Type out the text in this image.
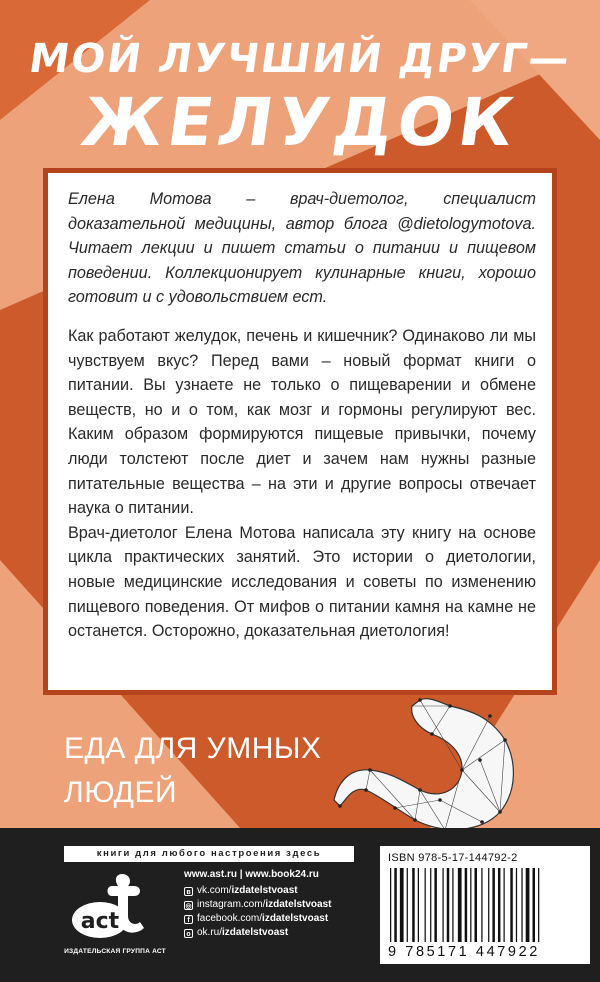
МОЙ ЛУЧШИЙ ДРУГ—
ЖЕЛУДОК

Елена Мотова – врач-диетолог, специалист доказательной медицины, автор блога @dietologymotova. Читает лекции и пишет статьи о питании и пищевом поведении. Коллекционирует кулинарные книги, хорошо готовит и с удовольствием ест.

Как работают желудок, печень и кишечник? Одинаково ли мы чувствуем вкус? Перед вами – новый формат книги о питании. Вы узнаете не только о пищеварении и обмене веществ, но и о том, как мозг и гормоны регулируют вес. Каким образом формируются пищевые привычки, почему люди толстеют после диет и зачем нам нужны разные питательные вещества – на эти и другие вопросы отвечает наука о питании.

Врач-диетолог Елена Мотова написала эту книгу на основе цикла практических занятий. Это истории о диетологии, новые медицинские исследования и советы по изменению пищевого поведения. От мифов о питании камня на камне не останется. Осторожно, доказательная диетология!

ЕДА ДЛЯ УМНЫХ
ЛЮДЕЙ
книги для любого настроения здесь
act
ИЗДАТЕЛЬСКАЯ ГРУППА АСТ
www.ast.ru | www.book24.ru
в vk.com/izdatelstvoast
◎ instagram.com/izdatelstvoast
f facebook.com/izdatelstvoast
о ok.ru/izdatelstvoast
ISBN 978-5-17-144792-2
9 785171 447922
